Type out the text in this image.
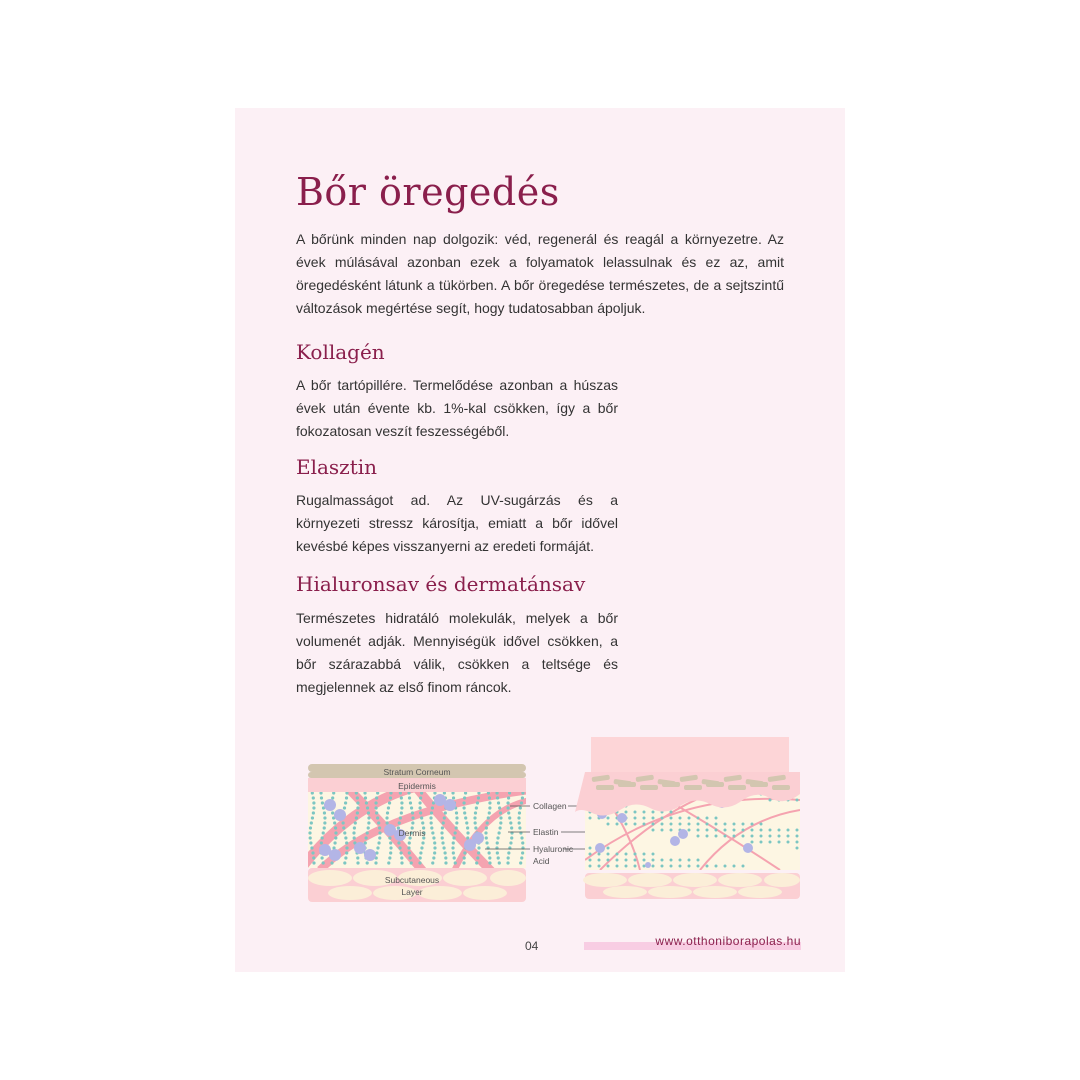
Bőr öregedés
A bőrünk minden nap dolgozik: véd, regenerál és reagál a környezetre. Az évek múlásával azonban ezek a folyamatok lelassulnak és ez az, amit öregedésként látunk a tükörben. A bőr öregedése természetes, de a sejtszintű változások megértése segít, hogy tudatosabban ápoljuk.
Kollagén
A bőr tartópillére. Termelődése azonban a húszas évek után évente kb. 1%-kal csökken, így a bőr fokozatosan veszít feszességéből.
Elasztin
Rugalmasságot ad. Az UV-sugárzás és a környezeti stressz károsítja, emiatt a bőr idővel kevésbé képes visszanyerni az eredeti formáját.
Hialuronsav és dermatánsav
Természetes hidratáló molekulák, melyek a bőr volumenét adják. Mennyiségük idővel csökken, a bőr szárazabbá válik, csökken a teltsége és megjelennek az első finom ráncok.
Stratum Corneum
Epidermis
Dermis
Subcutaneous
Layer
Collagen
Elastin
Hyaluronic
Acid
04	www.otthoniborapolas.hu
